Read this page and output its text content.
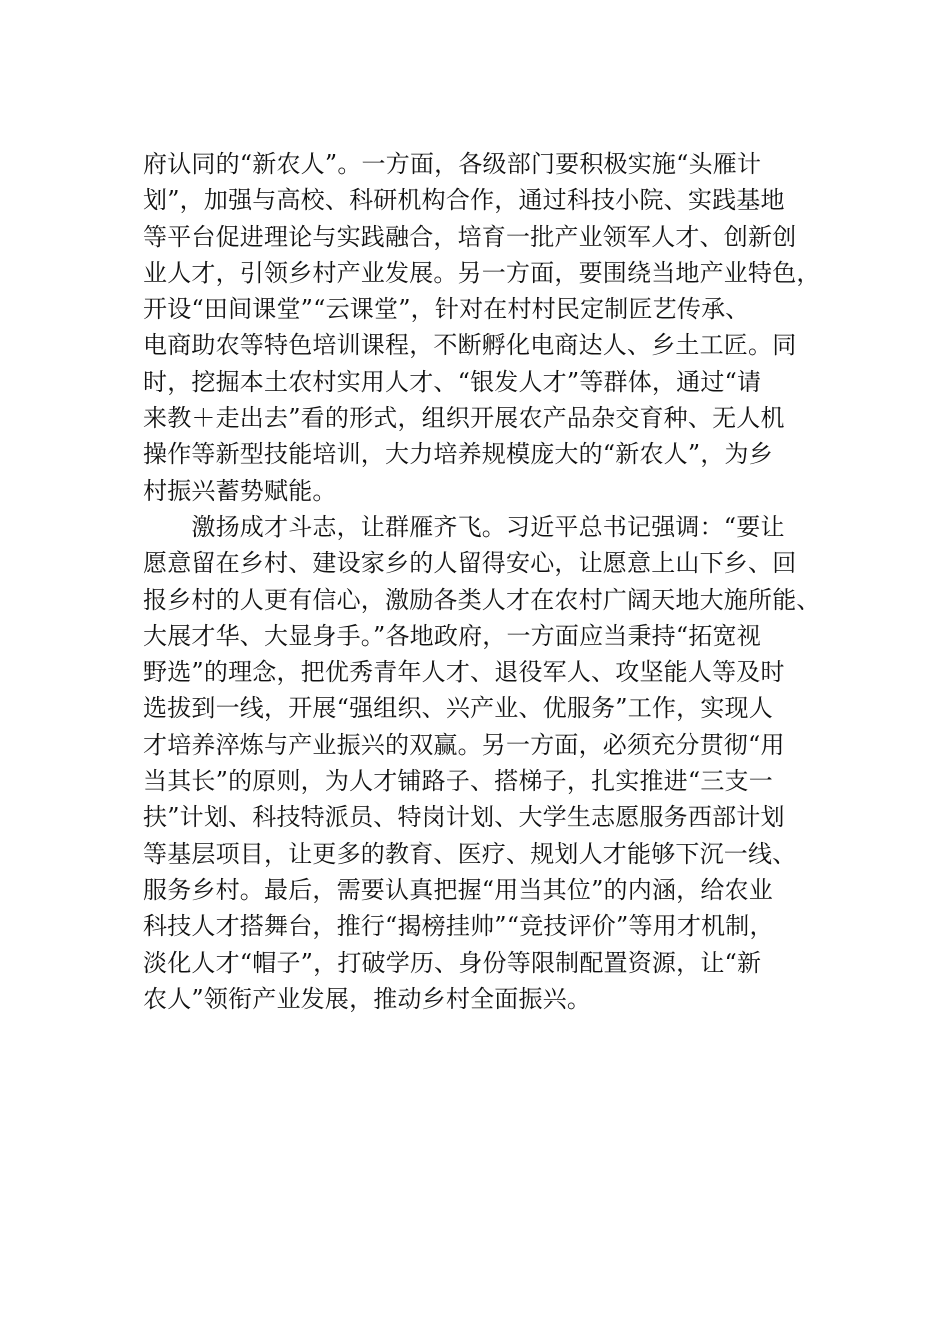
府认同的“新农人”。一方面，各级部门要积极实施“头雁计
划”，加强与高校、科研机构合作，通过科技小院、实践基地
等平台促进理论与实践融合，培育一批产业领军人才、创新创
业人才，引领乡村产业发展。另一方面，要围绕当地产业特色，
开设“田间课堂”“云课堂”，针对在村村民定制匠艺传承、
电商助农等特色培训课程，不断孵化电商达人、乡土工匠。同
时，挖掘本土农村实用人才、“银发人才”等群体，通过“请
来教＋走出去”看的形式，组织开展农产品杂交育种、无人机
操作等新型技能培训，大力培养规模庞大的“新农人”，为乡
村振兴蓄势赋能。
　　激扬成才斗志，让群雁齐飞。习近平总书记强调：“要让
愿意留在乡村、建设家乡的人留得安心，让愿意上山下乡、回
报乡村的人更有信心，激励各类人才在农村广阔天地大施所能、
大展才华、大显身手。”各地政府，一方面应当秉持“拓宽视
野选”的理念，把优秀青年人才、退役军人、攻坚能人等及时
选拔到一线，开展“强组织、兴产业、优服务”工作，实现人
才培养淬炼与产业振兴的双赢。另一方面，必须充分贯彻“用
当其长”的原则，为人才铺路子、搭梯子，扎实推进“三支一
扶”计划、科技特派员、特岗计划、大学生志愿服务西部计划
等基层项目，让更多的教育、医疗、规划人才能够下沉一线、
服务乡村。最后，需要认真把握“用当其位”的内涵，给农业
科技人才搭舞台，推行“揭榜挂帅”“竞技评价”等用才机制，
淡化人才“帽子”，打破学历、身份等限制配置资源，让“新
农人”领衔产业发展，推动乡村全面振兴。
